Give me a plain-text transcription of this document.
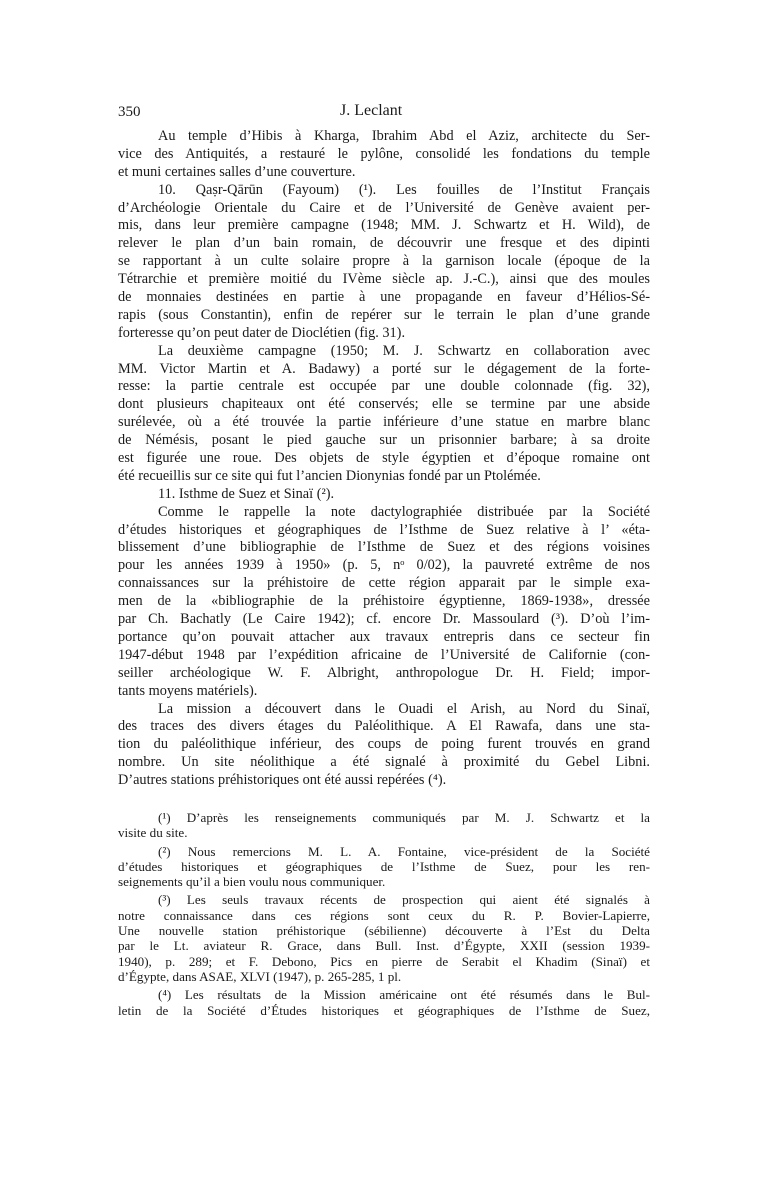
350	J. Leclant
Au temple d’Hibis à Kharga, Ibrahim Abd el Aziz, architecte du Ser-
vice des Antiquités, a restauré le pylône, consolidé les fondations du temple
et muni certaines salles d’une couverture.
10. Qaṣr-Qārūn (Fayoum) (¹). Les fouilles de l’Institut Français
d’Archéologie Orientale du Caire et de l’Université de Genève avaient per-
mis, dans leur première campagne (1948; MM. J. Schwartz et H. Wild), de
relever le plan d’un bain romain, de découvrir une fresque et des dipinti
se rapportant à un culte solaire propre à la garnison locale (époque de la
Tétrarchie et première moitié du IVème siècle ap. J.-C.), ainsi que des moules
de monnaies destinées en partie à une propagande en faveur d’Hélios-Sé-
rapis (sous Constantin), enfin de repérer sur le terrain le plan d’une grande
forteresse qu’on peut dater de Dioclétien (fig. 31).
La deuxième campagne (1950; M. J. Schwartz en collaboration avec
MM. Victor Martin et A. Badawy) a porté sur le dégagement de la forte-
resse: la partie centrale est occupée par une double colonnade (fig. 32),
dont plusieurs chapiteaux ont été conservés; elle se termine par une abside
surélevée, où a été trouvée la partie inférieure d’une statue en marbre blanc
de Némésis, posant le pied gauche sur un prisonnier barbare; à sa droite
est figurée une roue. Des objets de style égyptien et d’époque romaine ont
été recueillis sur ce site qui fut l’ancien Dionynias fondé par un Ptolémée.
11. Isthme de Suez et Sinaï (²).
Comme le rappelle la note dactylographiée distribuée par la Société
d’études historiques et géographiques de l’Isthme de Suez relative à l’ «éta-
blissement d’une bibliographie de l’Isthme de Suez et des régions voisines
pour les années 1939 à 1950» (p. 5, nᵒ 0/02), la pauvreté extrême de nos
connaissances sur la préhistoire de cette région apparait par le simple exa-
men de la «bibliographie de la préhistoire égyptienne, 1869-1938», dressée
par Ch. Bachatly (Le Caire 1942); cf. encore Dr. Massoulard (³). D’où l’im-
portance qu’on pouvait attacher aux travaux entrepris dans ce secteur fin
1947-début 1948 par l’expédition africaine de l’Université de Californie (con-
seiller archéologique W. F. Albright, anthropologue Dr. H. Field; impor-
tants moyens matériels).
La mission a découvert dans le Ouadi el Arish, au Nord du Sinaï,
des traces des divers étages du Paléolithique. A El Rawafa, dans une sta-
tion du paléolithique inférieur, des coups de poing furent trouvés en grand
nombre. Un site néolithique a été signalé à proximité du Gebel Libni.
D’autres stations préhistoriques ont été aussi repérées (⁴).
(¹) D’après les renseignements communiqués par M. J. Schwartz et la
visite du site.
(²) Nous remercions M. L. A. Fontaine, vice-président de la Société
d’études historiques et géographiques de l’Isthme de Suez, pour les ren-
seignements qu’il a bien voulu nous communiquer.
(³) Les seuls travaux récents de prospection qui aient été signalés à
notre connaissance dans ces régions sont ceux du R. P. Bovier-Lapierre,
Une nouvelle station préhistorique (sébilienne) découverte à l’Est du Delta
par le Lt. aviateur R. Grace, dans Bull. Inst. d’Égypte, XXII (session 1939-
1940), p. 289; et F. Debono, Pics en pierre de Serabit el Khadim (Sinaï) et
d’Égypte, dans ASAE, XLVI (1947), p. 265-285, 1 pl.
(⁴) Les résultats de la Mission américaine ont été résumés dans le Bul-
letin de la Société d’Études historiques et géographiques de l’Isthme de Suez,
